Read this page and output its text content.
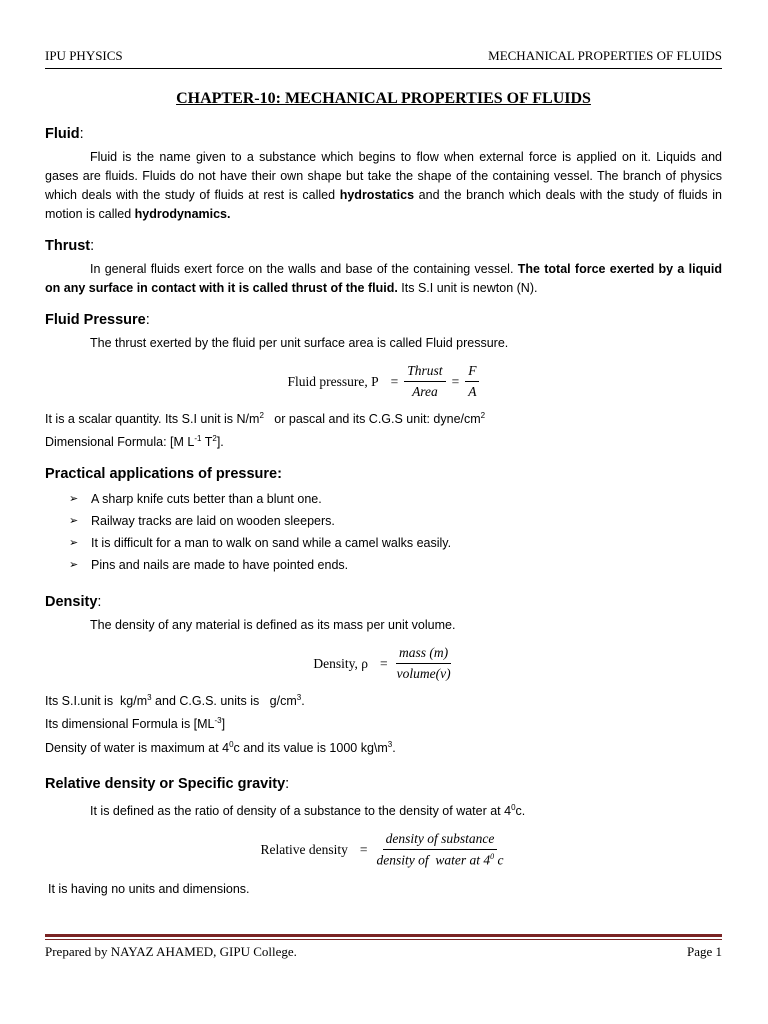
IPU PHYSICS	MECHANICAL PROPERTIES OF FLUIDS
CHAPTER-10: MECHANICAL PROPERTIES OF FLUIDS
Fluid:

Fluid is the name given to a substance which begins to flow when external force is applied on it. Liquids and gases are fluids. Fluids do not have their own shape but take the shape of the containing vessel. The branch of physics which deals with the study of fluids at rest is called hydrostatics and the branch which deals with the study of fluids in motion is called hydrodynamics.

Thrust:

In general fluids exert force on the walls and base of the containing vessel. The total force exerted by a liquid on any surface in contact with it is called thrust of the fluid. Its S.I unit is newton (N).

Fluid Pressure:

The thrust exerted by the fluid per unit surface area is called Fluid pressure.

Fluid pressure, $P = \frac{\text{Thrust}}{\text{Area}} = \frac{F}{A}$

It is a scalar quantity. Its S.I unit is $N/m^2$   or pascal and its C.G.S unit: dyne/$cm^2$

Dimensional Formula: [M $L^{-1}$ $T^2$].

Practical applications of pressure:
➢	A sharp knife cuts better than a blunt one.
➢	Railway tracks are laid on wooden sleepers.
➢	It is difficult for a man to walk on sand while a camel walks easily.
➢	Pins and nails are made to have pointed ends.
Density:

The density of any material is defined as its mass per unit volume.

Density, $\rho = \frac{\text{mass (m)}}{\text{volume(v)}}$

Its S.I.unit is  $kg/m^3$ and C.G.S. units is   $g/cm^3$.

Its dimensional Formula is $[ML^{-3}]$

Density of water is maximum at $4^0c$ and its value is 1000 $kg\backslash m^3$.

Relative density or Specific gravity:

It is defined as the ratio of density of a substance to the density of water at $4^0c$.

Relative density = $\frac{\text{density of substance}}{density of water at 4^0 c}$

It is having no units and dimensions.

Prepared by NAYAZ AHAMED, GIPU College.	Page 1
